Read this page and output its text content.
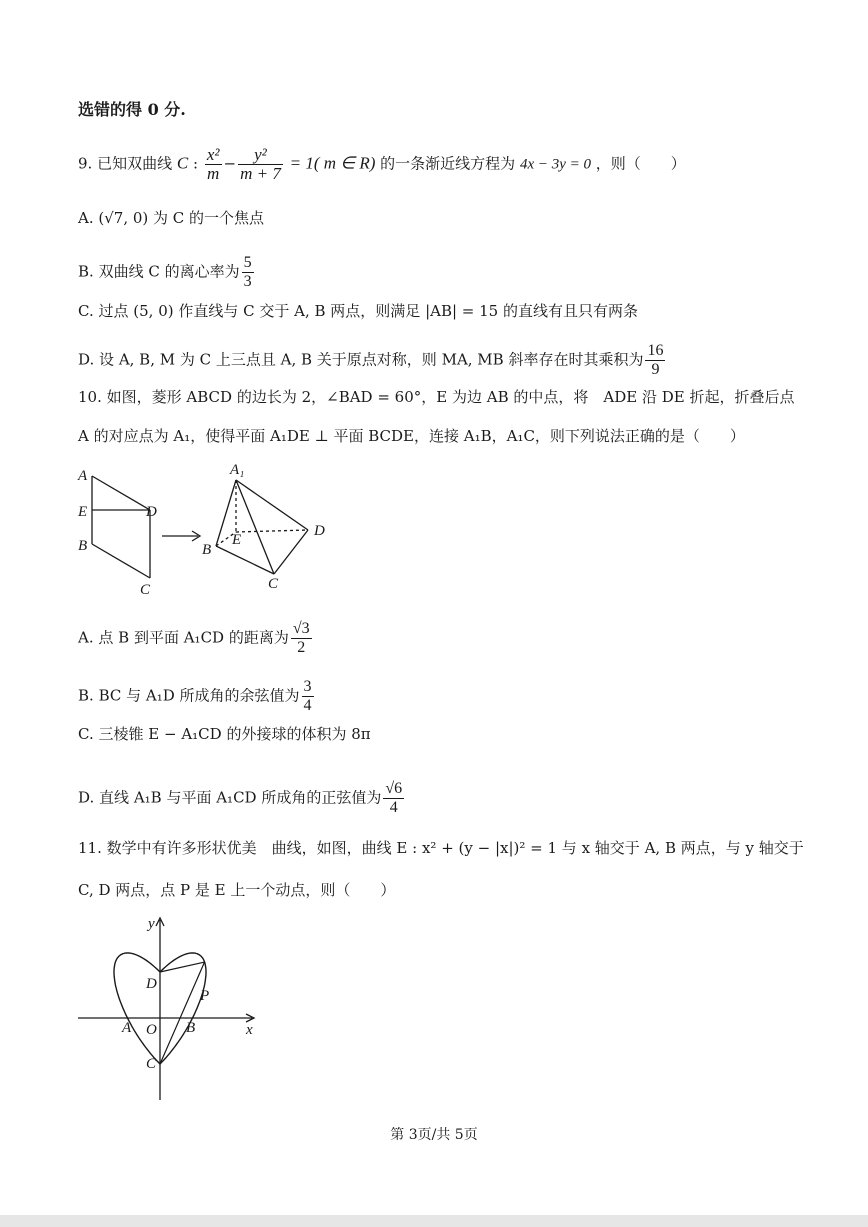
选错的得 0 分.
9. 已知双曲线 C : $\frac{\text{x²}}{m} - \frac{\text{y²}}{m + 7} = 1$( m ∈ R) 的一条渐近线方程为 4x − 3y = 0 ，则（　　）
A. (√7, 0) 为 C 的一个焦点
B. 双曲线 C 的离心率为 $\frac{5}{3}$
C. 过点 (5, 0) 作直线与 C 交于 A, B 两点，则满足 |AB| = 15 的直线有且只有两条
D. 设 A, B, M 为 C 上三点且 A, B 关于原点对称，则 MA, MB 斜率存在时其乘积为 $\frac{16}{9}$
10. 如图，菱形 ABCD 的边长为 2，∠BAD = 60°，E 为边 AB 的中点，将　ADE 沿 DE 折起，折叠后点
A 的对应点为 A₁，使得平面 A₁DE ⊥ 平面 BCDE，连接 A₁B，A₁C，则下列说法正确的是（　　）
A
E
B
D
C
A₁
B
E
D
C
A. 点 B 到平面 A₁CD 的距离为 $\frac{√3}{2}$
B. BC 与 A₁D 所成角的余弦值为 $\frac{3}{4}$
C. 三棱锥 E − A₁CD 的外接球的体积为 8π
D. 直线 A₁B 与平面 A₁CD 所成角的正弦值为 $\frac{√6}{4}$
11. 数学中有许多形状优美　曲线，如图，曲线 E : x² + (y − |x|)² = 1 与 x 轴交于 A, B 两点，与 y 轴交于
C, D 两点，点 P 是 E 上一个动点，则（　　）
y
x
D
P
A O B
C
第 3页/共 5页
